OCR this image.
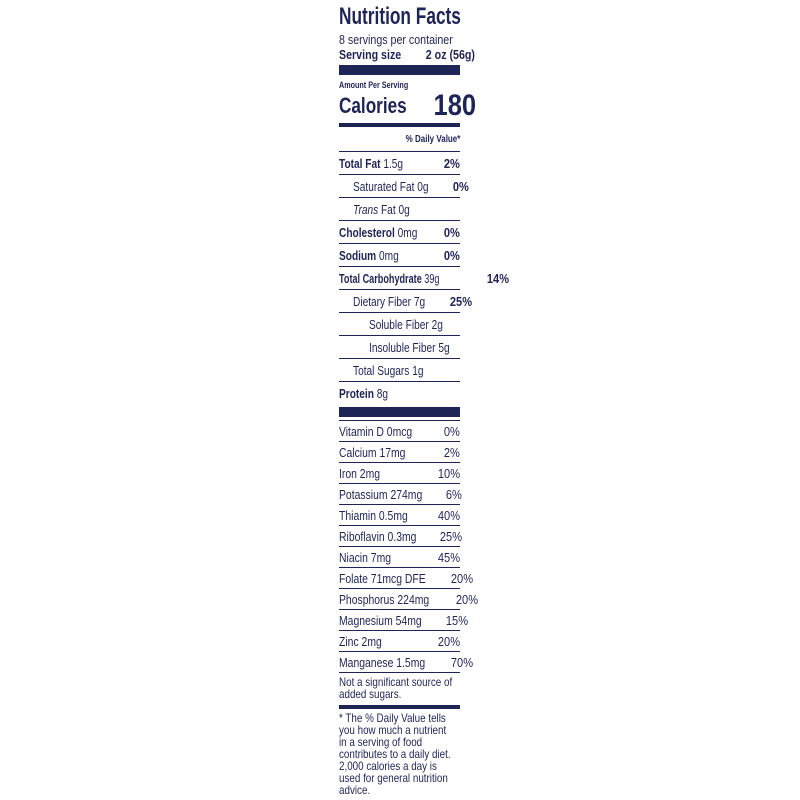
Nutrition Facts
8 servings per container
Serving size 2 oz (56g)
Amount Per Serving
Calories 180
% Daily Value*
Total Fat 1.5g	2%
Saturated Fat 0g 0%
Trans Fat 0g
Cholesterol 0mg 0%
Sodium 0mg	0%
Total Carbohydrate 39g	14%
Dietary Fiber 7g 25%
Soluble Fiber 2g
Insoluble Fiber 5g
Total Sugars 1g
Protein 8g
Vitamin D 0mcg 0%
Calcium 17mg	2%
Iron 2mg	10%
Potassium 274mg 6%
Thiamin 0.5mg 40%
Riboflavin 0.3mg 25%
Niacin 7mg	45%
Folate 71mcg DFE 20%
Phosphorus 224mg 20%
Magnesium 54mg 15%
Zinc 2mg	20%
Manganese 1.5mg 70%
Not a significant source of
added sugars.
* The % Daily Value tells
you how much a nutrient
in a serving of food
contributes to a daily diet.
2,000 calories a day is
used for general nutrition
advice.
